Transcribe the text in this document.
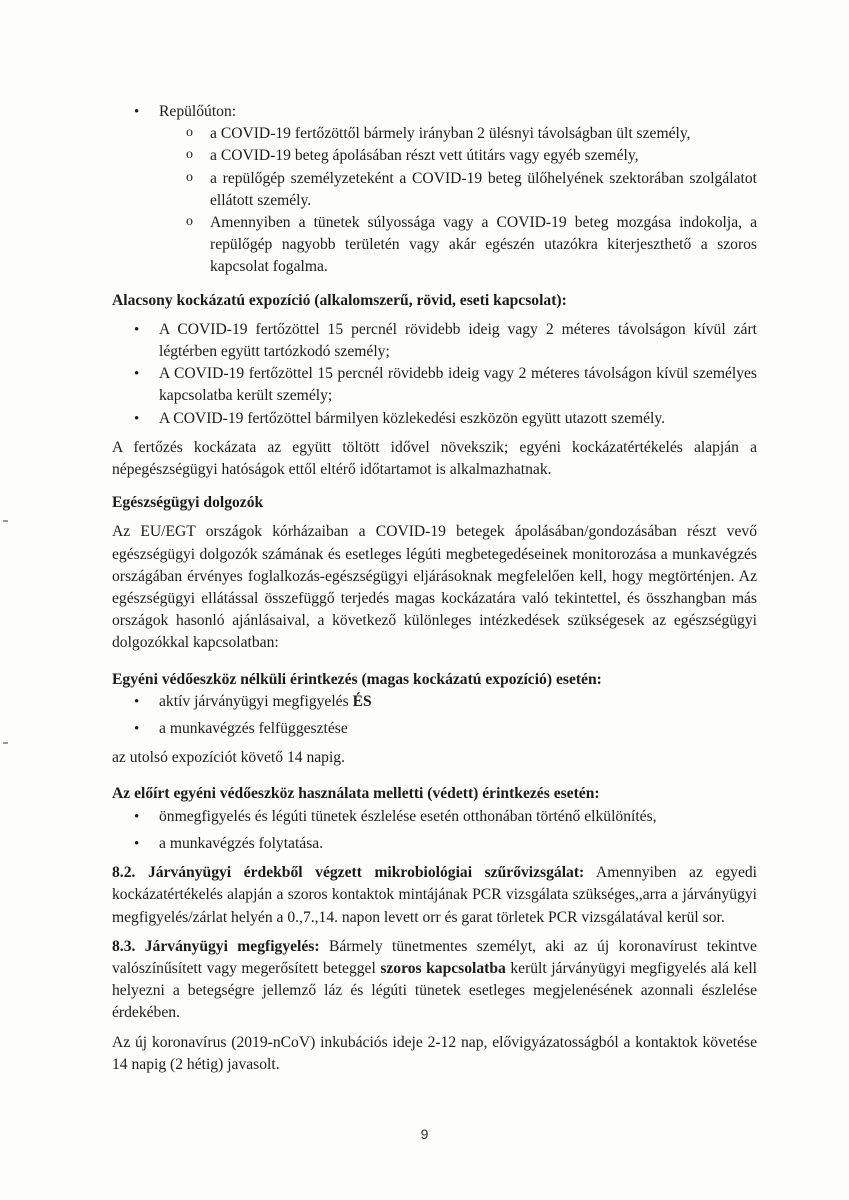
• Repülőúton:
o a COVID-19 fertőzöttől bármely irányban 2 ülésnyi távolságban ült személy,
o a COVID-19 beteg ápolásában részt vett útitárs vagy egyéb személy,
o a repülőgép személyzeteként a COVID-19 beteg ülőhelyének szektorában szolgálatot ellátott személy.
o Amennyiben a tünetek súlyossága vagy a COVID-19 beteg mozgása indokolja, a repülőgép nagyobb területén vagy akár egészén utazókra kiterjeszthető a szoros kapcsolat fogalma.

Alacsony kockázatú expozíció (alkalomszerű, rövid, eseti kapcsolat):

• A COVID-19 fertőzöttel 15 percnél rövidebb ideig vagy 2 méteres távolságon kívül zárt légtérben együtt tartózkodó személy;
• A COVID-19 fertőzöttel 15 percnél rövidebb ideig vagy 2 méteres távolságon kívül személyes kapcsolatba került személy;
• A COVID-19 fertőzöttel bármilyen közlekedési eszközön együtt utazott személy.

A fertőzés kockázata az együtt töltött idővel növekszik; egyéni kockázatértékelés alapján a népegészségügyi hatóságok ettől eltérő időtartamot is alkalmazhatnak.

Egészségügyi dolgozók

Az EU/EGT országok kórházaiban a COVID-19 betegek ápolásában/gondozásában részt vevő egészségügyi dolgozók számának és esetleges légúti megbetegedéseinek monitorozása a munkavégzés országában érvényes foglalkozás-egészségügyi eljárásoknak megfelelően kell, hogy megtörténjen. Az egészségügyi ellátással összefüggő terjedés magas kockázatára való tekintettel, és összhangban más országok hasonló ajánlásaival, a következő különleges intézkedések szükségesek az egészségügyi dolgozókkal kapcsolatban:

Egyéni védőeszköz nélküli érintkezés (magas kockázatú expozíció) esetén:

• aktív járványügyi megfigyelés ÉS
• a munkavégzés felfüggesztése

az utolsó expozíciót követő 14 napig.

Az előírt egyéni védőeszköz használata melletti (védett) érintkezés esetén:

• önmegfigyelés és légúti tünetek észlelése esetén otthonában történő elkülönítés,
• a munkavégzés folytatása.

8.2. Járványügyi érdekből végzett mikrobiológiai szűrővizsgálat: Amennyiben az egyedi kockázatértékelés alapján a szoros kontaktok mintájának PCR vizsgálata szükséges,,arra a járványügyi megfigyelés/zárlat helyén a 0.,7.,14. napon levett orr és garat törletek PCR vizsgálatával kerül sor.

8.3. Járványügyi megfigyelés: Bármely tünetmentes személyt, aki az új koronavírust tekintve valószínűsített vagy megerősített beteggel szoros kapcsolatba került járványügyi megfigyelés alá kell helyezni a betegségre jellemző láz és légúti tünetek esetleges megjelenésének azonnali észlelése érdekében.

Az új koronavírus (2019-nCoV) inkubációs ideje 2-12 nap, elővigyázatosságból a kontaktok követése 14 napig (2 hétig) javasolt.

9
